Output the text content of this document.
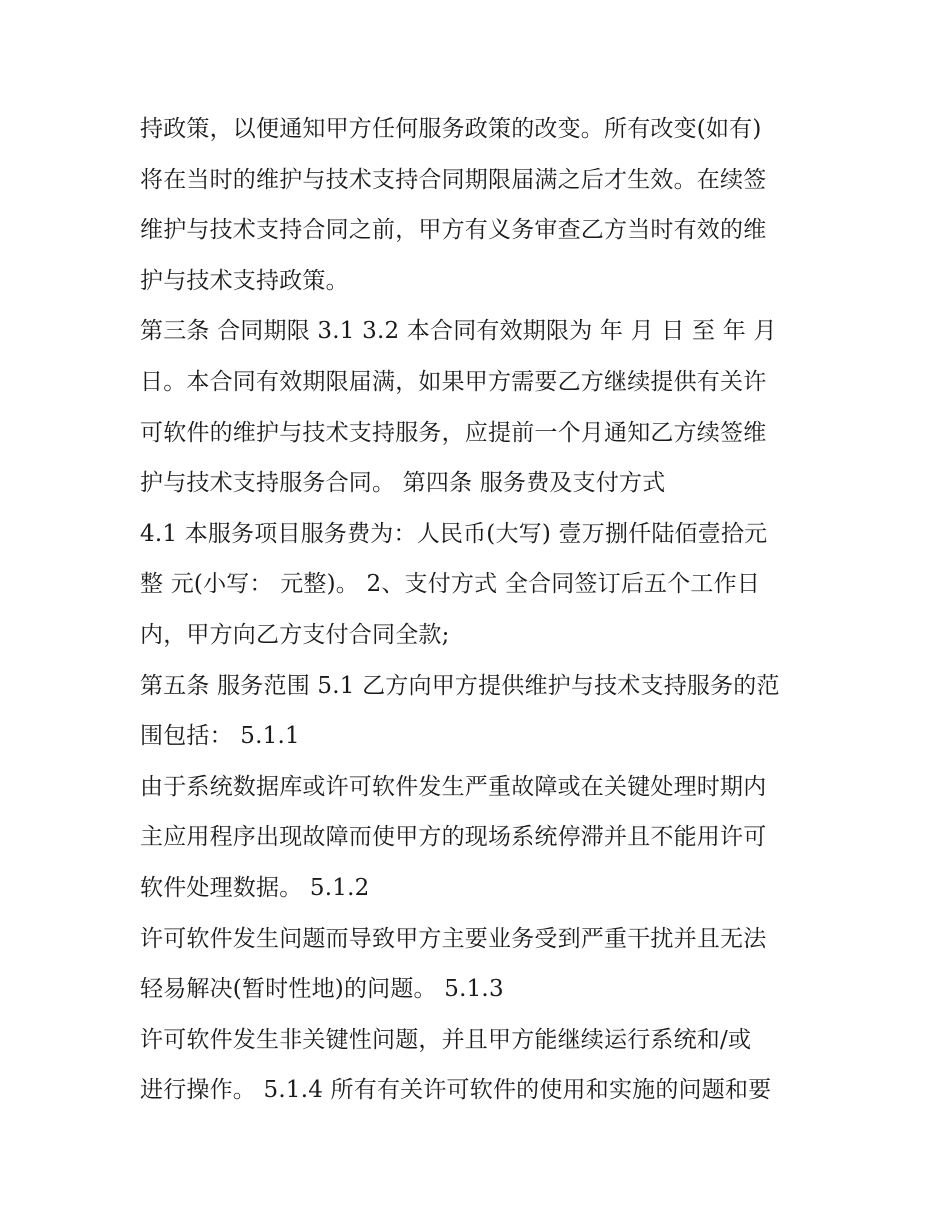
持政策，以便通知甲方任何服务政策的改变。所有改变(如有)
将在当时的维护与技术支持合同期限届满之后才生效。在续签
维护与技术支持合同之前，甲方有义务审查乙方当时有效的维
护与技术支持政策。
第三条 合同期限 3.1 3.2 本合同有效期限为 年 月 日 至 年 月
日。本合同有效期限届满，如果甲方需要乙方继续提供有关许
可软件的维护与技术支持服务，应提前一个月通知乙方续签维
护与技术支持服务合同。 第四条 服务费及支付方式
4.1 本服务项目服务费为：人民币(大写) 壹万捌仟陆佰壹拾元
整 元(小写： 元整)。 2、支付方式 全合同签订后五个工作日
内，甲方向乙方支付合同全款;
第五条 服务范围 5.1 乙方向甲方提供维护与技术支持服务的范
围包括： 5.1.1
由于系统数据库或许可软件发生严重故障或在关键处理时期内
主应用程序出现故障而使甲方的现场系统停滞并且不能用许可
软件处理数据。 5.1.2
许可软件发生问题而导致甲方主要业务受到严重干扰并且无法
轻易解决(暂时性地)的问题。 5.1.3
许可软件发生非关键性问题，并且甲方能继续运行系统和/或
进行操作。 5.1.4 所有有关许可软件的使用和实施的问题和要
